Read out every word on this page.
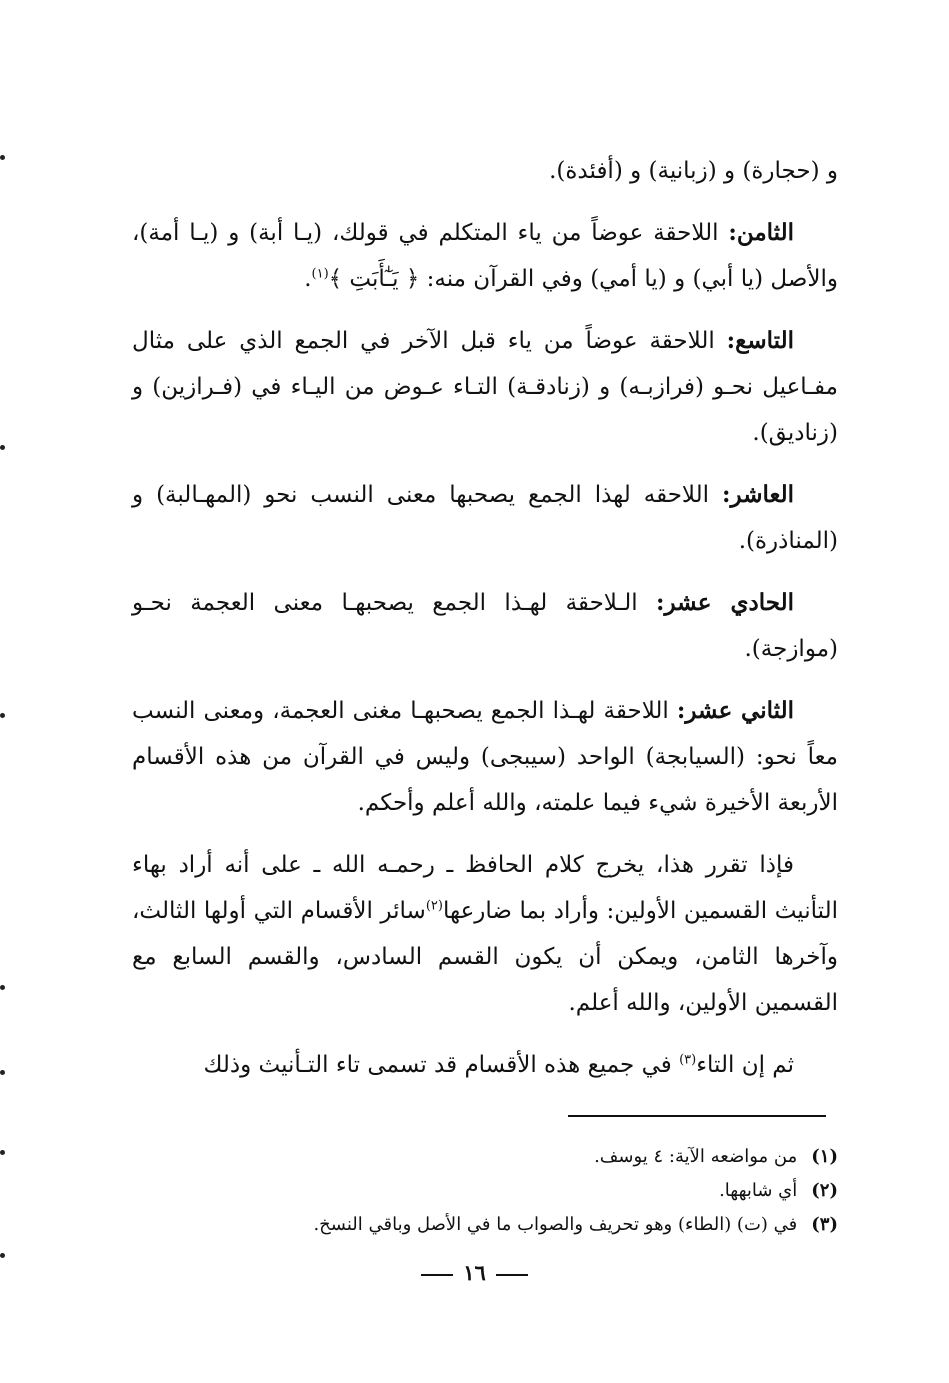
و (حجارة) و (زبانية) و (أفئدة).

الثامن: اللاحقة عوضاً من ياء المتكلم في قولك، (يـا أبة) و (يـا أمة)، والأصل (يا أبي) و (يا أمي) وفي القرآن منه: ﴿ يَـٰٓأَبَتِ ﴾$^{(١)}$.

التاسع: اللاحقة عوضاً من ياء قبل الآخر في الجمع الذي على مثال مفـاعيل نحـو (فرازبـه) و (زنادقـة) التـاء عـوض من اليـاء في (فـرازين) و (زناديق).

العاشر: اللاحقه لهذا الجمع يصحبها معنى النسب نحو (المهـالبة) و (المناذرة).

الحادي عشر: الـلاحقة لهـذا الجمع يصحبهـا معنى العجمة نحـو (موازجة).

الثاني عشر: اللاحقة لهـذا الجمع يصحبهـا مغنى العجمة، ومعنى النسب معاً نحو: (السيابجة) الواحد (سيبجى) وليس في القرآن من هذه الأقسام الأربعة الأخيرة شيء فيما علمته، والله أعلم وأحكم.

فإذا تقرر هذا، يخرج كلام الحافظ ـ رحمـه الله ـ على أنه أراد بهاء التأنيث القسمين الأولين: وأراد بما ضارعها$^{(٢)}$سائر الأقسام التي أولها الثالث، وآخرها الثامن، ويمكن أن يكون القسم السادس، والقسم السابع مع القسمين الأولين، والله أعلم.

ثم إن التاء$^{(٣)}$ في جميع هذه الأقسام قد تسمى تاء التـأنيث وذلك

(١)
من مواضعه الآية: ٤ يوسف.
(٢)
أي شابهها.
(٣)
في (ت) (الطاء) وهو تحريف والصواب ما في الأصل وباقي النسخ.
١٦
